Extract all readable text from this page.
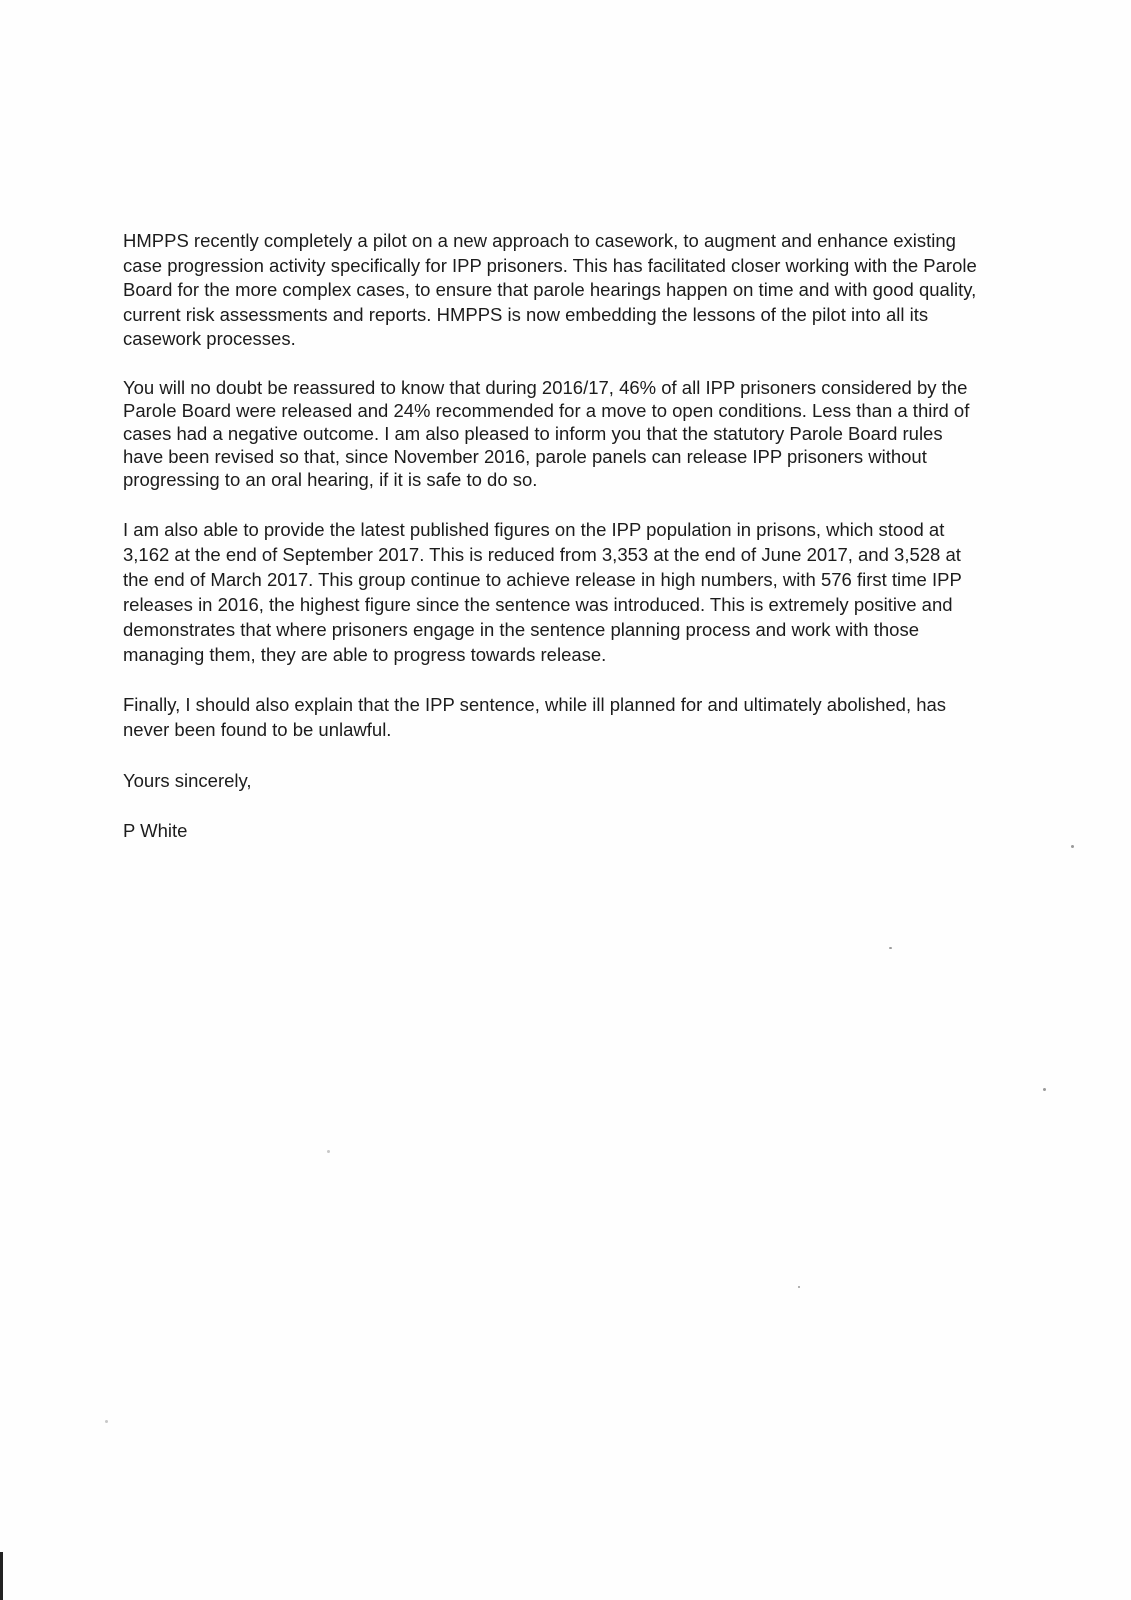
HMPPS recently completely a pilot on a new approach to casework, to augment and enhance existing
case progression activity specifically for IPP prisoners. This has facilitated closer working with the Parole
Board for the more complex cases, to ensure that parole hearings happen on time and with good quality,
current risk assessments and reports. HMPPS is now embedding the lessons of the pilot into all its
casework processes.
You will no doubt be reassured to know that during 2016/17, 46% of all IPP prisoners considered by the
Parole Board were released and 24% recommended for a move to open conditions. Less than a third of
cases had a negative outcome. I am also pleased to inform you that the statutory Parole Board rules
have been revised so that, since November 2016, parole panels can release IPP prisoners without
progressing to an oral hearing, if it is safe to do so.
I am also able to provide the latest published figures on the IPP population in prisons, which stood at
3,162 at the end of September 2017. This is reduced from 3,353 at the end of June 2017, and 3,528 at
the end of March 2017. This group continue to achieve release in high numbers, with 576 first time IPP
releases in 2016, the highest figure since the sentence was introduced. This is extremely positive and
demonstrates that where prisoners engage in the sentence planning process and work with those
managing them, they are able to progress towards release.
Finally, I should also explain that the IPP sentence, while ill planned for and ultimately abolished, has
never been found to be unlawful.
Yours sincerely,
P White
